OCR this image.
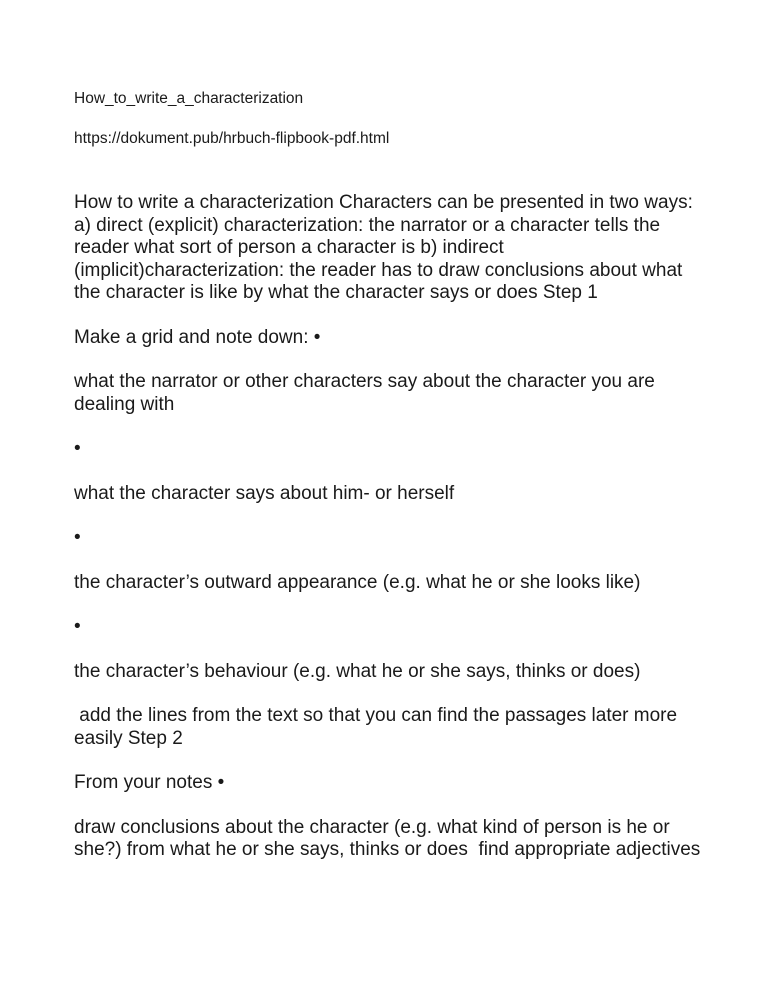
How_to_write_a_characterization
https://dokument.pub/hrbuch-flipbook-pdf.html

How to write a characterization Characters can be presented in two ways: a) direct (explicit) characterization: the narrator or a character tells the reader what sort of person a character is b) indirect (implicit)characterization: the reader has to draw conclusions about what the character is like by what the character says or does Step 1

Make a grid and note down: •

what the narrator or other characters say about the character you are dealing with

•

what the character says about him- or herself

•

the character’s outward appearance (e.g. what he or she looks like)

•

the character’s behaviour (e.g. what he or she says, thinks or does)

add the lines from the text so that you can find the passages later more easily Step 2

From your notes •

draw conclusions about the character (e.g. what kind of person is he or she?) from what he or she says, thinks or does  find appropriate adjectives
